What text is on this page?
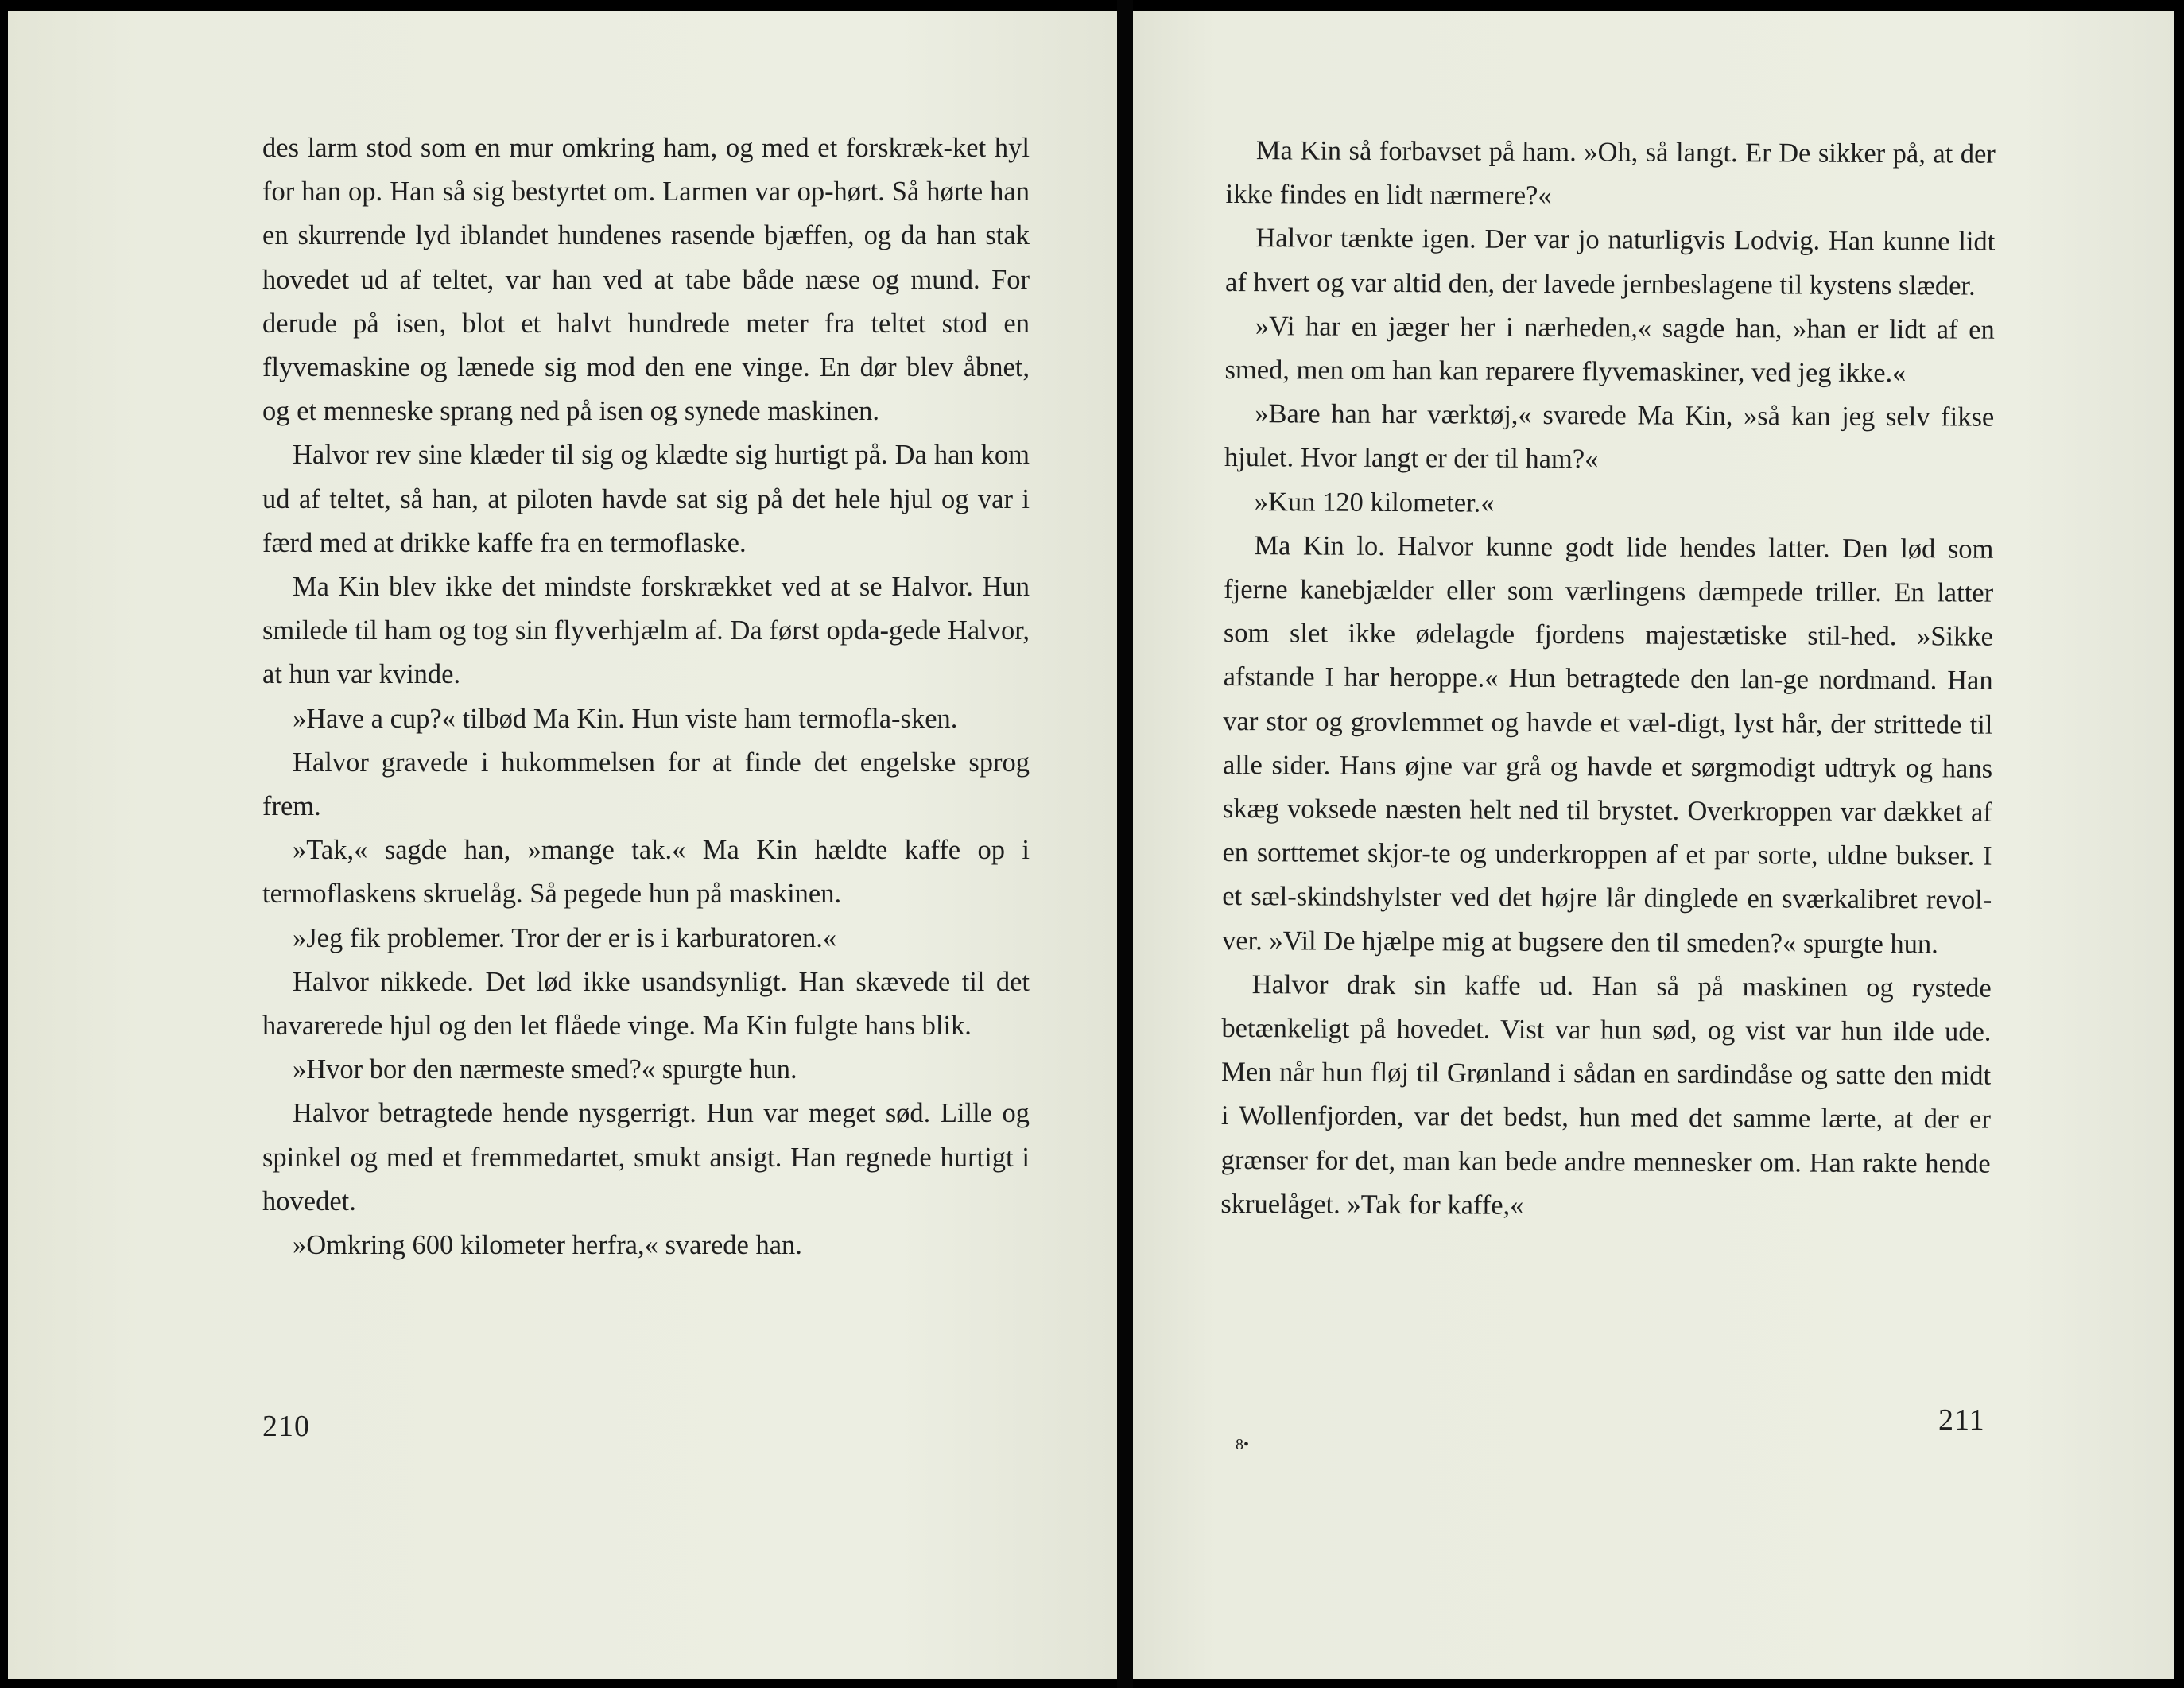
des larm stod som en mur omkring ham, og med et forskræk-ket hyl for han op. Han så sig bestyrtet om. Larmen var op-hørt. Så hørte han en skurrende lyd iblandet hundenes rasende bjæffen, og da han stak hovedet ud af teltet, var han ved at tabe både næse og mund. For derude på isen, blot et halvt hundrede meter fra teltet stod en flyvemaskine og lænede sig mod den ene vinge. En dør blev åbnet, og et menneske sprang ned på isen og synede maskinen.

Halvor rev sine klæder til sig og klædte sig hurtigt på. Da han kom ud af teltet, så han, at piloten havde sat sig på det hele hjul og var i færd med at drikke kaffe fra en termoflaske.

Ma Kin blev ikke det mindste forskrækket ved at se Halvor. Hun smilede til ham og tog sin flyverhjælm af. Da først opda-gede Halvor, at hun var kvinde.

»Have a cup?« tilbød Ma Kin. Hun viste ham termofla-sken.

Halvor gravede i hukommelsen for at finde det engelske sprog frem.

»Tak,« sagde han, »mange tak.« Ma Kin hældte kaffe op i termoflaskens skruelåg. Så pegede hun på maskinen.

»Jeg fik problemer. Tror der er is i karburatoren.«

Halvor nikkede. Det lød ikke usandsynligt. Han skævede til det havarerede hjul og den let flåede vinge. Ma Kin fulgte hans blik.

»Hvor bor den nærmeste smed?« spurgte hun.

Halvor betragtede hende nysgerrigt. Hun var meget sød. Lille og spinkel og med et fremmedartet, smukt ansigt. Han regnede hurtigt i hovedet.

»Omkring 600 kilometer herfra,« svarede han.

210

Ma Kin så forbavset på ham. »Oh, så langt. Er De sikker på, at der ikke findes en lidt nærmere?«

Halvor tænkte igen. Der var jo naturligvis Lodvig. Han kunne lidt af hvert og var altid den, der lavede jernbeslagene til kystens slæder.

»Vi har en jæger her i nærheden,« sagde han, »han er lidt af en smed, men om han kan reparere flyvemaskiner, ved jeg ikke.«

»Bare han har værktøj,« svarede Ma Kin, »så kan jeg selv fikse hjulet. Hvor langt er der til ham?«

»Kun 120 kilometer.«

Ma Kin lo. Halvor kunne godt lide hendes latter. Den lød som fjerne kanebjælder eller som værlingens dæmpede triller. En latter som slet ikke ødelagde fjordens majestætiske stil-hed. »Sikke afstande I har heroppe.« Hun betragtede den lan-ge nordmand. Han var stor og grovlemmet og havde et væl-digt, lyst hår, der strittede til alle sider. Hans øjne var grå og havde et sørgmodigt udtryk og hans skæg voksede næsten helt ned til brystet. Overkroppen var dækket af en sorttemet skjor-te og underkroppen af et par sorte, uldne bukser. I et sæl-skindshylster ved det højre lår dinglede en sværkalibret revol-ver. »Vil De hjælpe mig at bugsere den til smeden?« spurgte hun.

Halvor drak sin kaffe ud. Han så på maskinen og rystede betænkeligt på hovedet. Vist var hun sød, og vist var hun ilde ude. Men når hun fløj til Grønland i sådan en sardindåse og satte den midt i Wollenfjorden, var det bedst, hun med det samme lærte, at der er grænser for det, man kan bede andre mennesker om. Han rakte hende skruelåget. »Tak for kaffe,«

8•
211
